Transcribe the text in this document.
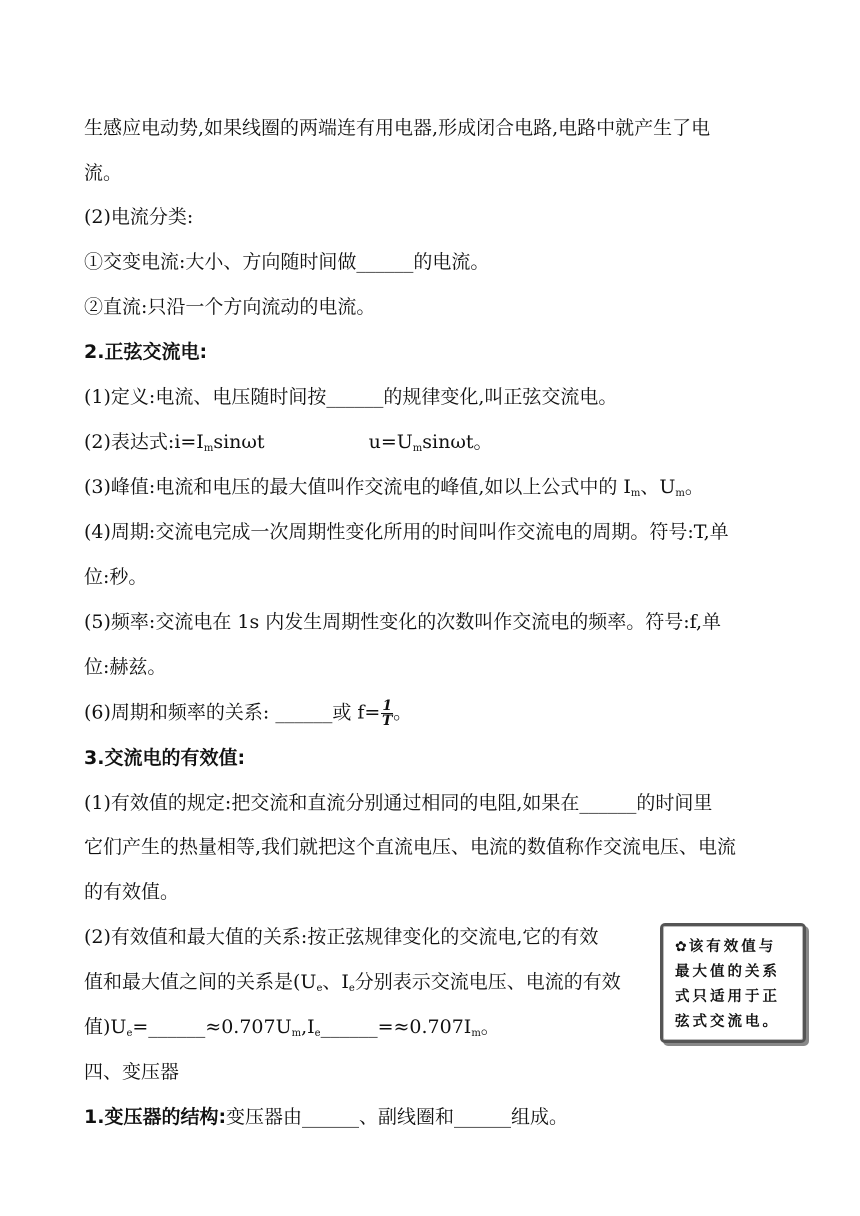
生感应电动势,如果线圈的两端连有用电器,形成闭合电路,电路中就产生了电
流。
(2)电流分类:
①交变电流:大小、方向随时间做______的电流。
②直流:只沿一个方向流动的电流。
2.正弦交流电:
(1)定义:电流、电压随时间按______的规律变化,叫正弦交流电。
(2)表达式$:i=I_m\sin\omega t$	$u=U_m\sin\omega t$。
(3)峰值:电流和电压的最大值叫作交流电的峰值,如以上公式中的 $I_m$、$U_m$。
(4)周期:交流电完成一次周期性变化所用的时间叫作交流电的周期。符号:T,单
位:秒。
(5)频率:交流电在 1s 内发生周期性变化的次数叫作交流电的频率。符号:f,单
位:赫兹。
(6)周期和频率的关系: ______或 $f= \frac{1}{T}$ 。
3.交流电的有效值:
(1)有效值的规定:把交流和直流分别通过相同的电阻,如果在______的时间里
它们产生的热量相等,我们就把这个直流电压、电流的数值称作交流电压、电流
的有效值。
(2)有效值和最大值的关系:按正弦规律变化的交流电,它的有效
值和最大值之间的关系是($U_e$、$I_e$分别表示交流电压、电流的有效
值)$U_e=\_\_\_\_\_\_\approx 0.707U_m,I_e\_\_\_\_\_\_=\approx 0.707I_m$。
四、变压器
1.变压器的结构:变压器由______、副线圈和______组成。
✿ 该有效值与最大值的关系式只适用于正弦式交流电。
